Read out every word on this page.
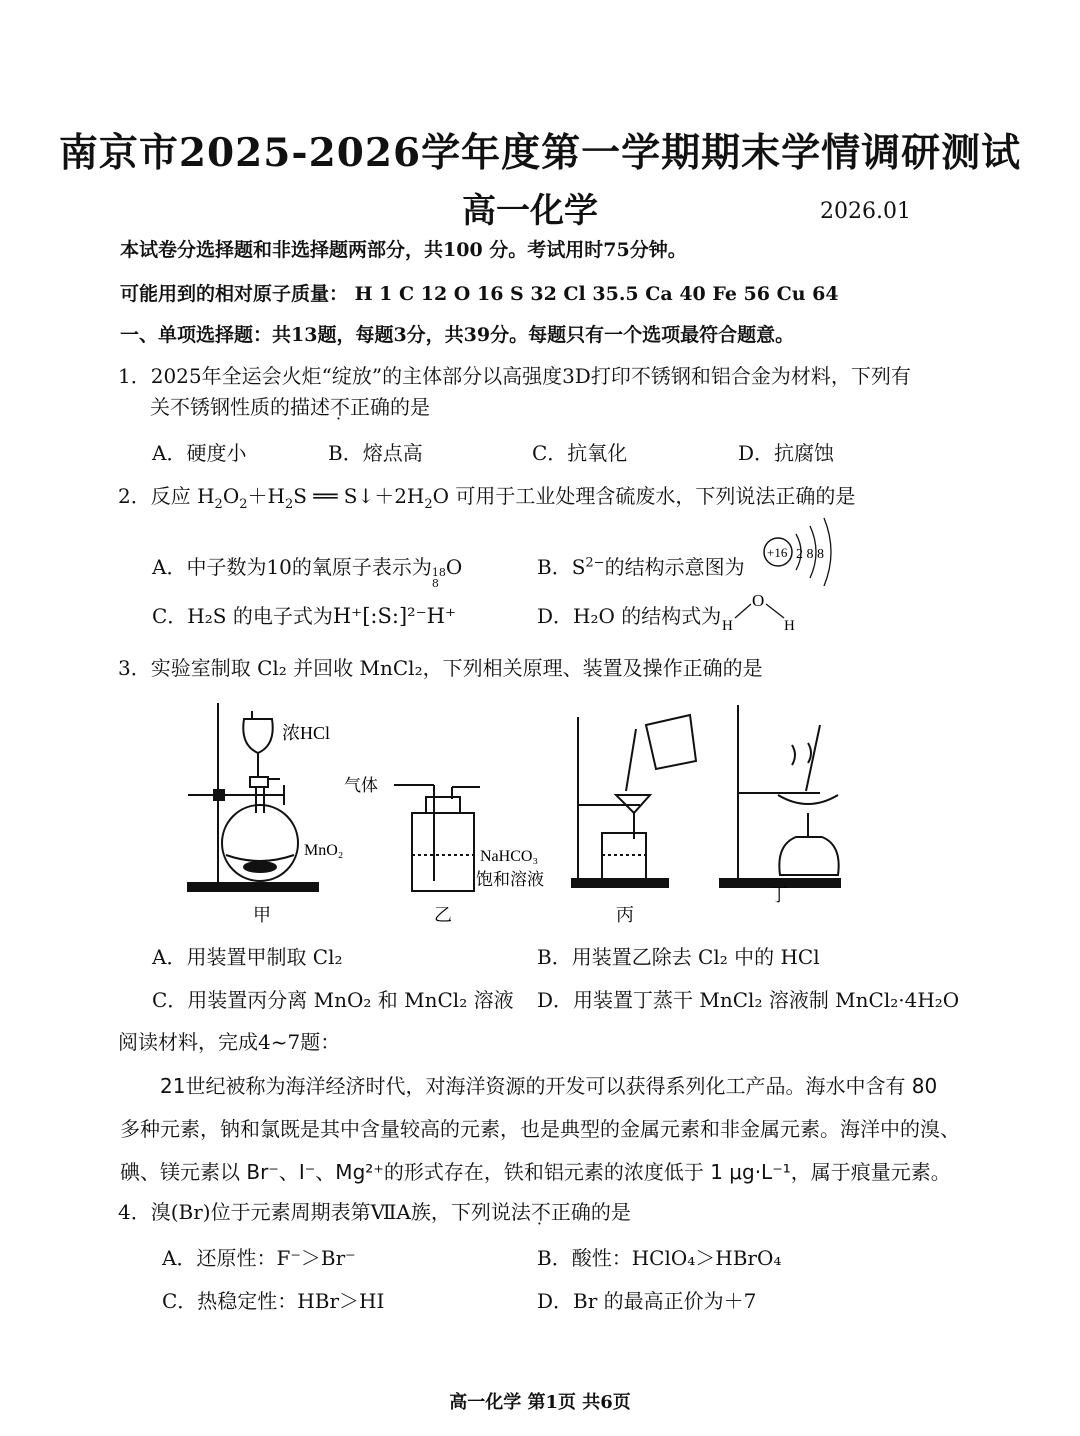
南京市2025-2026学年度第一学期期末学情调研测试
高一化学	2026.01
本试卷分选择题和非选择题两部分，共100 分。考试用时75分钟。
可能用到的相对原子质量： H 1 C 12 O 16 S 32 Cl 35.5 Ca 40 Fe 56 Cu 64
一、单项选择题：共13题，每题3分，共39分。每题只有一个选项最符合题意。
1．2025年全运会火炬“绽放”的主体部分以高强度3D打印不锈钢和铝合金为材料，下列有
关不锈钢性质的描述不正确的是
A．硬度小	B．熔点高	C．抗氧化	D．抗腐蚀
2．反应 $H_2O_2+H_2S$ ══ $S↓+2H_2O$ 可用于工业处理含硫废水，下列说法正确的是
A．中子数为10的氧原子表示为 18
8
O	B．$S^{2-}$的结构示意图为
+16 2 8 8
C．H₂S 的电子式为H⁺[:S:]²⁻H⁺	D．H₂O 的结构式为
O
H	H
3．实验室制取 Cl₂ 并回收 MnCl₂，下列相关原理、装置及操作正确的是
浓HCl
MnO₂
气体
NaHCO₃
饱和溶液
甲	乙	丙
丁
A．用装置甲制取 Cl₂	B．用装置乙除去 Cl₂ 中的 HCl
C．用装置丙分离 MnO₂ 和 MnCl₂ 溶液 D．用装置丁蒸干 MnCl₂ 溶液制 MnCl₂·4H₂O
阅读材料，完成4~7题：
21世纪被称为海洋经济时代，对海洋资源的开发可以获得系列化工产品。海水中含有 80
多种元素，钠和氯既是其中含量较高的元素，也是典型的金属元素和非金属元素。海洋中的溴、
碘、镁元素以 Br⁻、I⁻、Mg²⁺的形式存在，铁和铝元素的浓度低于 1 μg·L⁻¹，属于痕量元素。
4．溴(Br)位于元素周期表第ⅦA族，下列说法不正确的是
A．还原性：F⁻＞Br⁻	B．酸性：HClO₄＞HBrO₄
C．热稳定性：HBr＞HI	D．Br 的最高正价为＋7
高一化学 第1页 共6页
